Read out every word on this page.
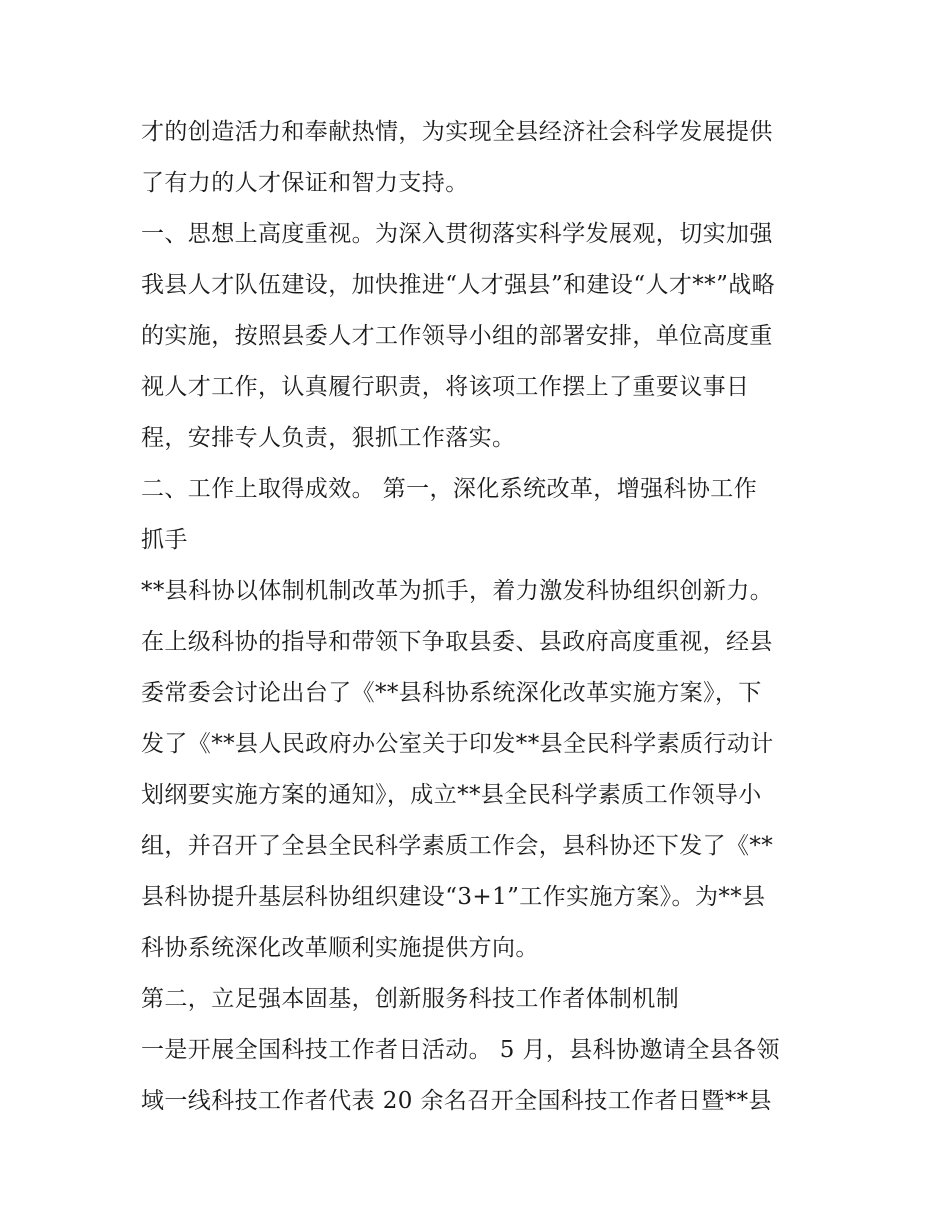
才的创造活力和奉献热情，为实现全县经济社会科学发展提供
了有力的人才保证和智力支持。
一、思想上高度重视。为深入贯彻落实科学发展观，切实加强
我县人才队伍建设，加快推进“人才强县”和建设“人才**”战略
的实施，按照县委人才工作领导小组的部署安排，单位高度重
视人才工作，认真履行职责，将该项工作摆上了重要议事日
程，安排专人负责，狠抓工作落实。
二、工作上取得成效。 第一，深化系统改革，增强科协工作
抓手
**县科协以体制机制改革为抓手，着力激发科协组织创新力。
在上级科协的指导和带领下争取县委、县政府高度重视，经县
委常委会讨论出台了《**县科协系统深化改革实施方案》，下
发了《**县人民政府办公室关于印发**县全民科学素质行动计
划纲要实施方案的通知》，成立**县全民科学素质工作领导小
组，并召开了全县全民科学素质工作会，县科协还下发了《**
县科协提升基层科协组织建设“3+1”工作实施方案》。为**县
科协系统深化改革顺利实施提供方向。
第二，立足强本固基，创新服务科技工作者体制机制
一是开展全国科技工作者日活动。 5 月，县科协邀请全县各领
域一线科技工作者代表 20 余名召开全国科技工作者日暨**县
